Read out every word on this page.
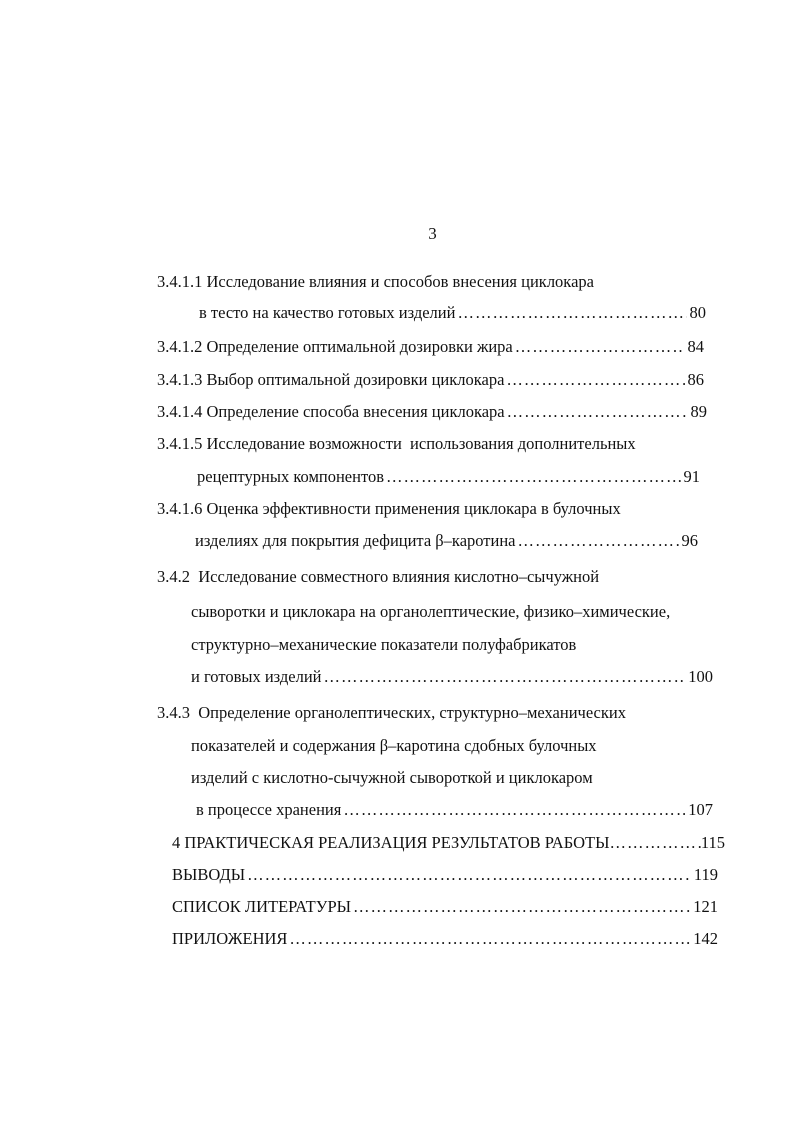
3
3.4.1.1 Исследование влияния и способов внесения циклокара
в тесто на качество готовых изделий ………………………………………………………………………………………………………………………………………………	80
3.4.1.2 Определение оптимальной дозировки жира ………………………………………………………………………………………………………………………………………………	84
3.4.1.3 Выбор оптимальной дозировки циклокара ………………………………………………………………………………………………………………………………………………	86
3.4.1.4 Определение способа внесения циклокара ………………………………………………………………………………………………………………………………………………	89
3.4.1.5 Исследование возможности  использования дополнительных
рецептурных компонентов ………………………………………………………………………………………………………………………………………………	91
3.4.1.6 Оценка эффективности применения циклокара в булочных
изделиях для покрытия дефицита β–каротина ………………………………………………………………………………………………………………………………………………	96
3.4.2  Исследование совместного влияния кислотно–сычужной
сыворотки и циклокара на органолептические, физико–химические,
структурно–механические показатели полуфабрикатов
и готовых изделий ………………………………………………………………………………………………………………………………………………	100
3.4.3  Определение органолептических, структурно–механических
показателей и содержания β–каротина сдобных булочных
изделий с кислотно-сычужной сывороткой и циклокаром
в процессе хранения ………………………………………………………………………………………………………………………………………………	107
4 ПРАКТИЧЕСКАЯ РЕАЛИЗАЦИЯ РЕЗУЛЬТАТОВ РАБОТЫ ………………………………………………………………………………………………………………………………………………	115
ВЫВОДЫ ………………………………………………………………………………………………………………………………………………	119
СПИСОК ЛИТЕРАТУРЫ ………………………………………………………………………………………………………………………………………………	121
ПРИЛОЖЕНИЯ ………………………………………………………………………………………………………………………………………………	142
